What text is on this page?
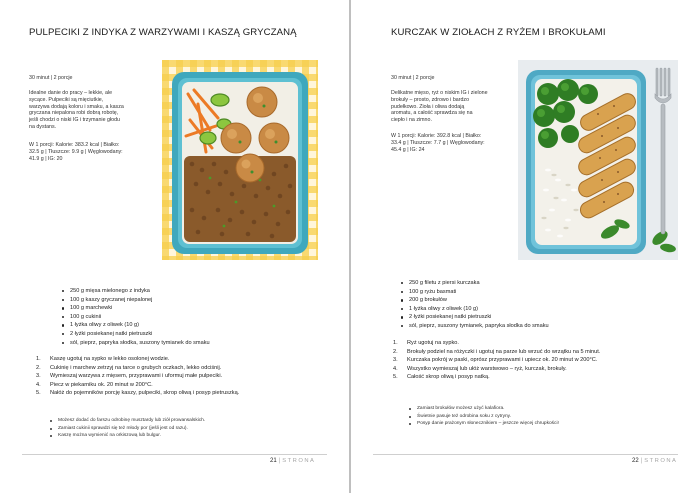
PULPECIKI Z INDYKA Z WARZYWAMI I KASZĄ GRYCZANĄ
30 minut | 2 porcje
Idealne danie do pracy – lekkie, ale
sycące. Pulpeciki są mięciutkie,
warzywa dodają koloru i smaku, a kasza
gryczana niepalona robi dobrą robotę,
jeśli chodzi o niski IG i trzymanie głodu
na dystans.
W 1 porcji: Kalorie: 383.2 kcal | Białko:
32.5 g | Tłuszcze: 9.9 g | Węglowodany:
41.9 g | IG: 20
250 g mięsa mielonego z indyka
100 g kaszy gryczanej niepalonej
100 g marchewki
100 g cukinii
1 łyżka oliwy z oliwek (10 g)
2 łyżki posiekanej natki pietruszki
sól, pieprz, papryka słodka, suszony tymianek do smaku
1. Kaszę ugotuj na sypko w lekko osolonej wodzie.
2. Cukinię i marchew zetrzyj na tarce o grubych oczkach, lekko odciśnij.
3. Wymieszaj warzywa z mięsem, przyprawami i uformuj małe pulpeciki.
4. Piecz w piekarniku ok. 20 minut w 200°C.
5. Nałóż do pojemników porcję kaszy, pulpeciki, skrop oliwą i posyp pietruszką.
Możesz dodać do farszu odrobinę musztardy lub ziół prowansalskich.
Zamiast cukinii sprawdzi się też młody por (jeśli jest od razu).
Kaszę można wymienić na orkiszową lub bulgur.
21 | STRONA
KURCZAK W ZIOŁACH Z RYŻEM I BROKUŁAMI
30 minut | 2 porcje
Delikatne mięso, ryż o niskim IG i zielone
brokuły – prosto, zdrowo i bardzo
pudełkowo. Zioła i oliwa dodają
aromatu, a całość sprawdza się na
ciepło i na zimno.
W 1 porcji: Kalorie: 392.8 kcal | Białko:
33.4 g | Tłuszcze: 7.7 g | Węglowodany:
45.4 g | IG: 24
250 g filetu z piersi kurczaka
100 g ryżu basmati
200 g brokułów
1 łyżka oliwy z oliwek (10 g)
2 łyżki posiekanej natki pietruszki
sól, pieprz, suszony tymianek, papryka słodka do smaku
1. Ryż ugotuj na sypko.
2. Brokuły podziel na różyczki i ugotuj na parze lub wrzuć do wrzątku na 5 minut.
3. Kurczaka pokrój w paski, oprósz przyprawami i upiecz ok. 20 minut w 200°C.
4. Wszystko wymieszaj lub ułóż warstwowo – ryż, kurczak, brokuły.
5. Całość skrop oliwą i posyp natką.
Zamiast brokułów możesz użyć kalafiora.
Świetnie pasuje też odrobina soku z cytryny.
Posyp danie prażonym słonecznikiem – jeszcze więcej chrupkości!
22 | STRONA
